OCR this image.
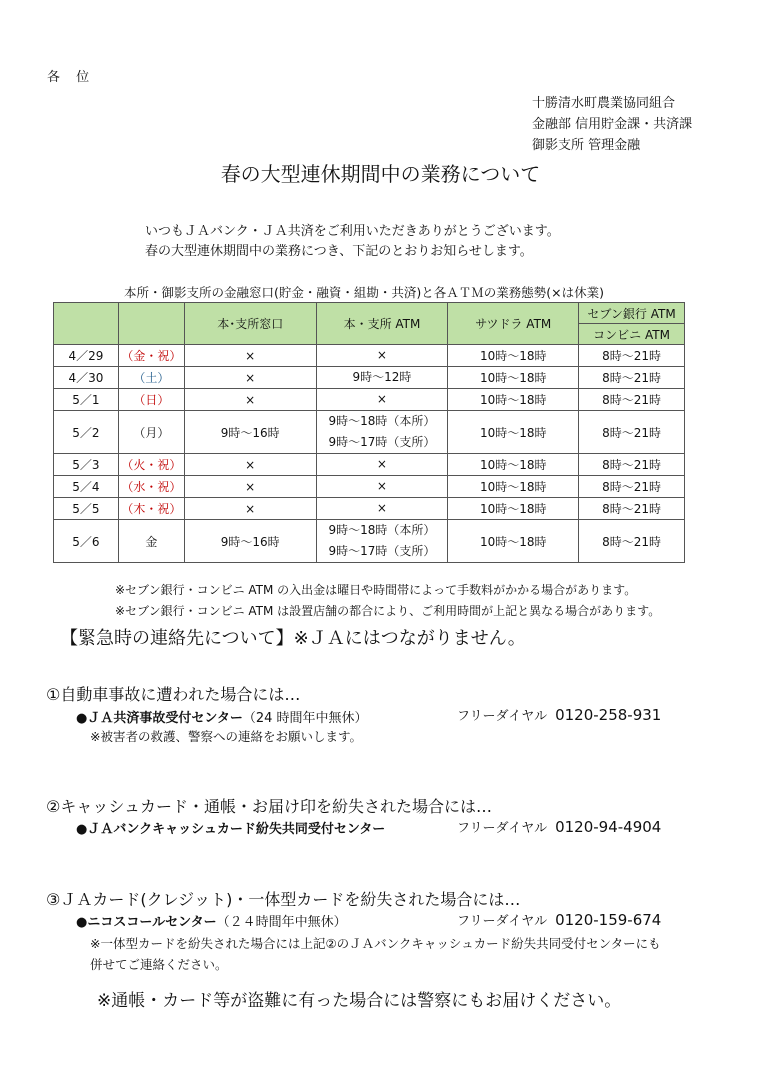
各 位
十勝清水町農業協同組合
金融部 信用貯金課・共済課
御影支所 管理金融
春の大型連休期間中の業務について
いつもＪＡバンク・ＪＡ共済をご利用いただきありがとうございます。
春の大型連休期間中の業務につき、下記のとおりお知らせします。
本所・御影支所の金融窓口(貯金・融資・組勘・共済)と各ＡＴＭの業務態勢(×は休業)
		本･支所窓口	本・支所 ATM	サツドラ ATM	セブン銀行 ATM
					コンビニ ATM
4／29	（金・祝）	×	×	10時～18時	8時～21時
4／30	（土）	×	9時～12時	10時～18時	8時～21時
5／1	（日）	×	×	10時～18時	8時～21時
5／2	（月）	9時～16時	9時～18時（本所）
9時～17時（支所）	10時～18時	8時～21時
5／3	（火・祝）	×	×	10時～18時	8時～21時
5／4	（水・祝）	×	×	10時～18時	8時～21時
5／5	（木・祝）	×	×	10時～18時	8時～21時
5／6	金	9時～16時	9時～18時（本所）
9時～17時（支所）	10時～18時	8時～21時
※セブン銀行・コンビニ ATM の入出金は曜日や時間帯によって手数料がかかる場合があります。
※セブン銀行・コンビニ ATM は設置店舗の都合により、ご利用時間が上記と異なる場合があります。
【緊急時の連絡先について】※ＪＡにはつながりません。
①自動車事故に遭われた場合には…
●ＪＡ共済事故受付センター（24 時間年中無休）	フリーダイヤル 0120-258-931
※被害者の救護、警察への連絡をお願いします。
②キャッシュカード・通帳・お届け印を紛失された場合には…
●ＪＡバンクキャッシュカード紛失共同受付センター	フリーダイヤル 0120-94-4904
③ＪＡカード(クレジット)・一体型カードを紛失された場合には…
●ニコスコールセンター（２４時間年中無休）	フリーダイヤル 0120-159-674
※一体型カードを紛失された場合には上記②のＪＡバンクキャッシュカード紛失共同受付センターにも
併せてご連絡ください。
※通帳・カード等が盗難に有った場合には警察にもお届けください。
